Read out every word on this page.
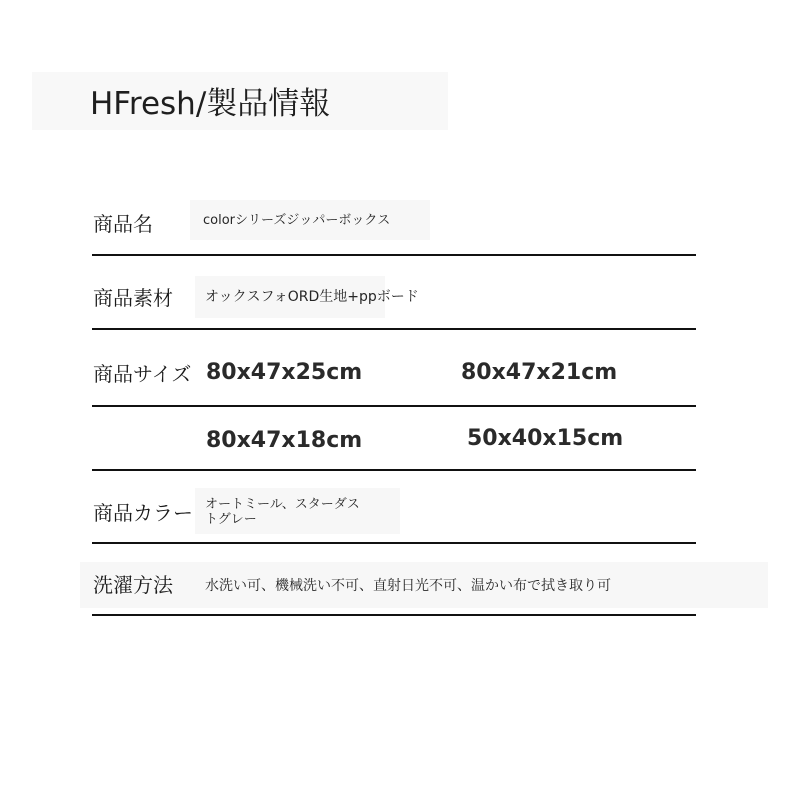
HFresh/製品情報
商品名	colorシリーズジッパーボックス
商品素材 オックスフォORD生地+ppボード
商品サイズ 80x47x25cm	80x47x21cm
80x47x18cm	50x40x15cm
商品カラー オートミール、スターダス
トグレー
洗濯方法 水洗い可、機械洗い不可、直射日光不可、温かい布で拭き取り可
